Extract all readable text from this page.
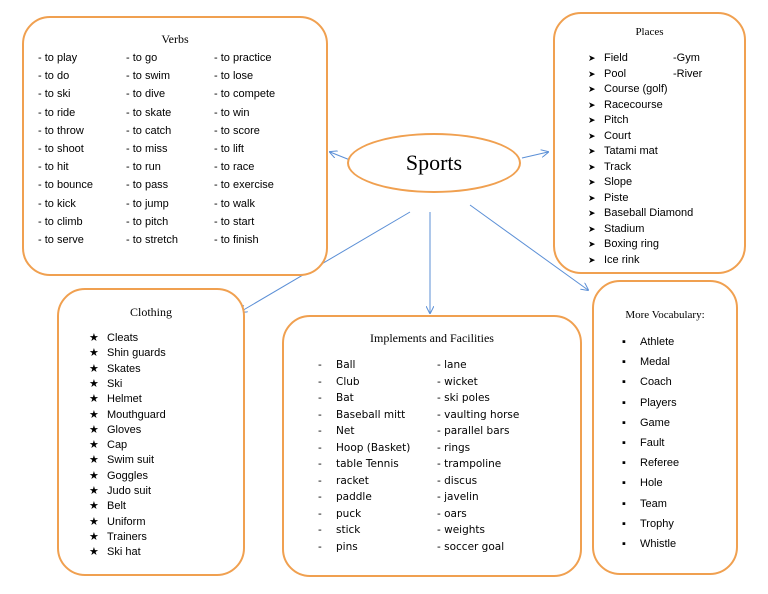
Sports
Verbs
- to play
- to do
- to ski
- to ride
- to throw
- to shoot
- to hit
- to bounce
- to kick
- to climb
- to serve
- to go
- to swim
- to dive
- to skate
- to catch
- to miss
- to run
- to pass
- to jump
- to pitch
- to stretch
- to practice
- to lose
- to compete
- to win
- to score
- to lift
- to race
- to exercise
- to walk
- to start
- to finish
Places
➤ Field
➤ Pool
➤ Course (golf)
➤ Racecourse
➤ Pitch
➤ Court
➤ Tatami mat
➤ Track
➤ Slope
➤ Piste
➤ Baseball Diamond
➤ Stadium
➤ Boxing ring
➤ Ice rink
-Gym
-River
Clothing
★ Cleats
★ Shin guards
★ Skates
★ Ski
★ Helmet
★ Mouthguard
★ Gloves
★ Cap
★ Swim suit
★ Goggles
★ Judo suit
★ Belt
★ Uniform
★ Trainers
★ Ski hat
Implements and Facilities
- Ball
- Club
- Bat
- Baseball mitt
- Net
- Hoop (Basket)
- table Tennis
- racket
- paddle
- puck
- stick
- pins
- lane
- wicket
- ski poles
- vaulting horse
- parallel bars
- rings
- trampoline
- discus
- javelin
- oars
- weights
- soccer goal
More Vocabulary:
▪ Athlete
▪ Medal
▪ Coach
▪ Players
▪ Game
▪ Fault
▪ Referee
▪ Hole
▪ Team
▪ Trophy
▪ Whistle
